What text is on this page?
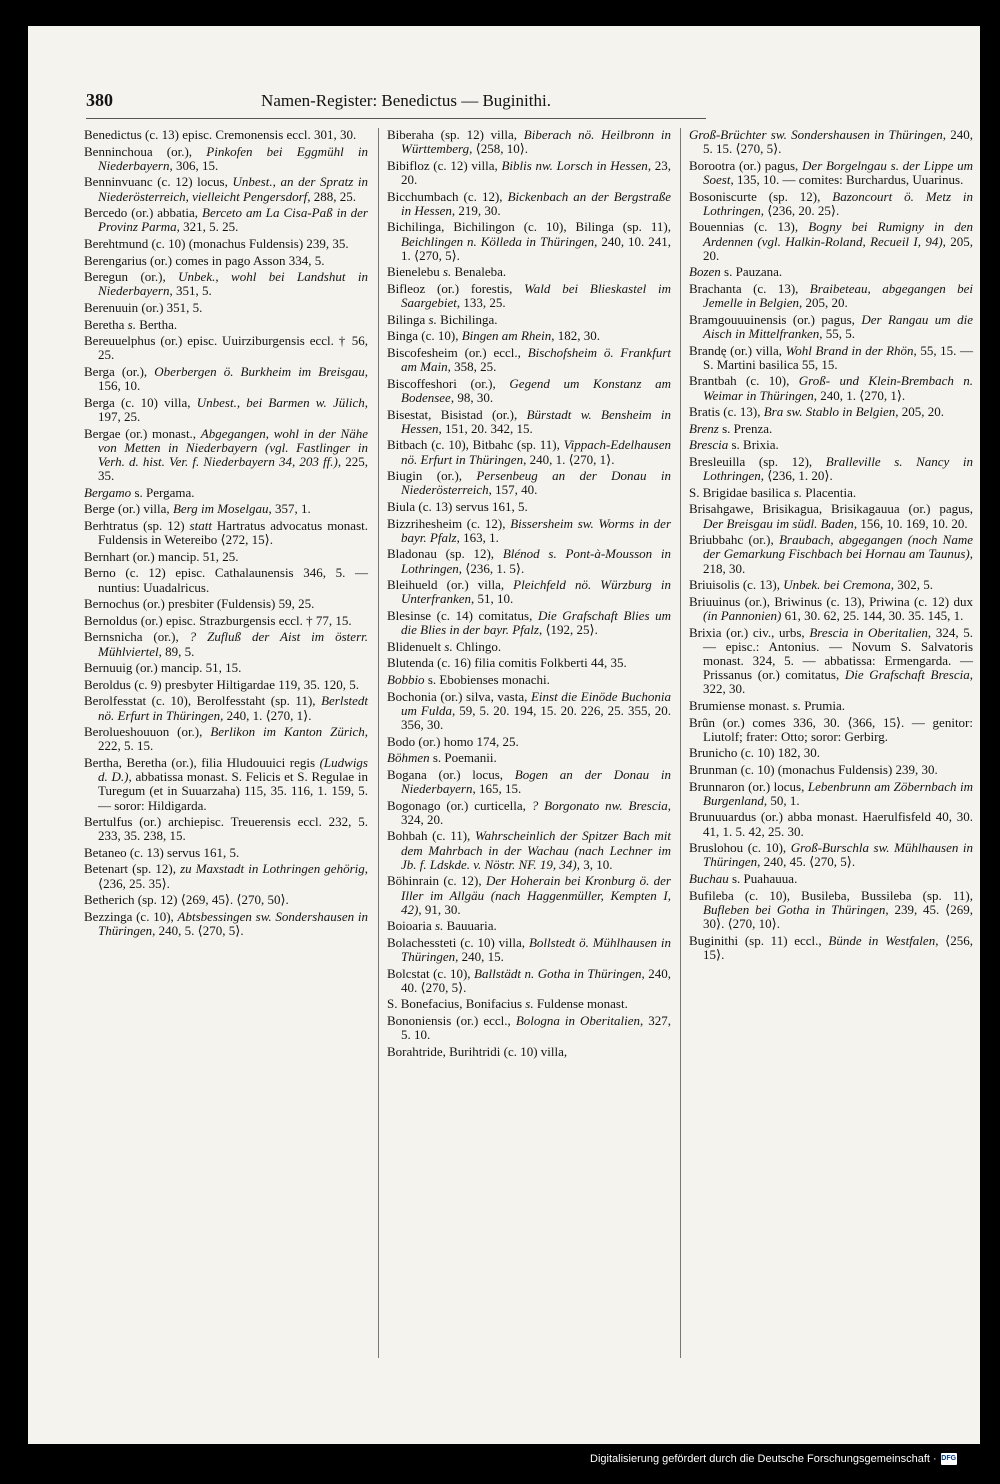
380	Namen-Register: Benedictus — Buginithi.
Benedictus (c. 13) episc. Cremonensis eccl. 301, 30.
Benninchoua (or.), Pinkofen bei Eggmühl in Niederbayern, 306, 15.
Benninvuanc (c. 12) locus, Unbest., an der Spratz in Niederösterreich, vielleicht Pengersdorf, 288, 25.
Bercedo (or.) abbatia, Berceto am La Cisa-Paß in der Provinz Parma, 321, 5. 25.
Berehtmund (c. 10) (monachus Fuldensis) 239, 35.
Berengarius (or.) comes in pago Asson 334, 5.
Beregun (or.), Unbek., wohl bei Landshut in Niederbayern, 351, 5.
Berenuuin (or.) 351, 5.
Beretha s. Bertha.
Bereuuelphus (or.) episc. Uuirziburgensis eccl. † 56, 25.
Berga (or.), Oberbergen ö. Burkheim im Breisgau, 156, 10.
Berga (c. 10) villa, Unbest., bei Barmen w. Jülich, 197, 25.
Bergae (or.) monast., Abgegangen, wohl in der Nähe von Metten in Niederbayern (vgl. Fastlinger in Verh. d. hist. Ver. f. Niederbayern 34, 203 ff.), 225, 35.
Bergamo s. Pergama.
Berge (or.) villa, Berg im Moselgau, 357, 1.
Berhtratus (sp. 12) statt Hartratus advocatus monast. Fuldensis in Wetereibo ⟨272, 15⟩.
Bernhart (or.) mancip. 51, 25.
Berno (c. 12) episc. Cathalaunensis 346, 5. — nuntius: Uuadalricus.
Bernochus (or.) presbiter (Fuldensis) 59, 25.
Bernoldus (or.) episc. Strazburgensis eccl. † 77, 15.
Bernsnicha (or.), ? Zufluß der Aist im österr. Mühlviertel, 89, 5.
Bernuuig (or.) mancip. 51, 15.
Beroldus (c. 9) presbyter Hiltigardae 119, 35. 120, 5.
Berolfesstat (c. 10), Berolfesstaht (sp. 11), Berlstedt nö. Erfurt in Thüringen, 240, 1. ⟨270, 1⟩.
Berolueshouuon (or.), Berlikon im Kanton Zürich, 222, 5. 15.
Bertha, Beretha (or.), filia Hludouuici regis (Ludwigs d. D.), abbatissa monast. S. Felicis et S. Regulae in Turegum (et in Suuarzaha) 115, 35. 116, 1. 159, 5. — soror: Hildigarda.
Bertulfus (or.) archiepisc. Treuerensis eccl. 232, 5. 233, 35. 238, 15.
Betaneo (c. 13) servus 161, 5.
Betenart (sp. 12), zu Maxstadt in Lothringen gehörig, ⟨236, 25. 35⟩.
Betherich (sp. 12) ⟨269, 45⟩. ⟨270, 50⟩.
Bezzinga (c. 10), Abtsbessingen sw. Sondershausen in Thüringen, 240, 5. ⟨270, 5⟩.
Biberaha (sp. 12) villa, Biberach nö. Heilbronn in Württemberg, ⟨258, 10⟩.
Bibifloz (c. 12) villa, Biblis nw. Lorsch in Hessen, 23, 20.
Bicchumbach (c. 12), Bickenbach an der Bergstraße in Hessen, 219, 30.
Bichilinga, Bichilingon (c. 10), Bilinga (sp. 11), Beichlingen n. Kölleda in Thüringen, 240, 10. 241, 1. ⟨270, 5⟩.
Bienelebu s. Benaleba.
Bifleoz (or.) forestis, Wald bei Blieskastel im Saargebiet, 133, 25.
Bilinga s. Bichilinga.
Binga (c. 10), Bingen am Rhein, 182, 30.
Biscofesheim (or.) eccl., Bischofsheim ö. Frankfurt am Main, 358, 25.
Biscoffeshori (or.), Gegend um Konstanz am Bodensee, 98, 30.
Bisestat, Bisistad (or.), Bürstadt w. Bensheim in Hessen, 151, 20. 342, 15.
Bitbach (c. 10), Bitbahc (sp. 11), Vippach-Edelhausen nö. Erfurt in Thüringen, 240, 1. ⟨270, 1⟩.
Biugin (or.), Persenbeug an der Donau in Niederösterreich, 157, 40.
Biula (c. 13) servus 161, 5.
Bizzrihesheim (c. 12), Bissersheim sw. Worms in der bayr. Pfalz, 163, 1.
Bladonau (sp. 12), Blénod s. Pont-à-Mousson in Lothringen, ⟨236, 1. 5⟩.
Bleihueld (or.) villa, Pleichfeld nö. Würzburg in Unterfranken, 51, 10.
Blesinse (c. 14) comitatus, Die Grafschaft Blies um die Blies in der bayr. Pfalz, ⟨192, 25⟩.
Blidenuelt s. Chlingo.
Blutenda (c. 16) filia comitis Folkberti 44, 35.
Bobbio s. Ebobienses monachi.
Bochonia (or.) silva, vasta, Einst die Einöde Buchonia um Fulda, 59, 5. 20. 194, 15. 20. 226, 25. 355, 20. 356, 30.
Bodo (or.) homo 174, 25.
Böhmen s. Poemanii.
Bogana (or.) locus, Bogen an der Donau in Niederbayern, 165, 15.
Bogonago (or.) curticella, ? Borgonato nw. Brescia, 324, 20.
Bohbah (c. 11), Wahrscheinlich der Spitzer Bach mit dem Mahrbach in der Wachau (nach Lechner im Jb. f. Ldskde. v. Nöstr. NF. 19, 34), 3, 10.
Böhinrain (c. 12), Der Hoherain bei Kronburg ö. der Iller im Allgäu (nach Haggenmüller, Kempten I, 42), 91, 30.
Boioaria s. Bauuaria.
Bolachessteti (c. 10) villa, Bollstedt ö. Mühlhausen in Thüringen, 240, 15.
Bolcstat (c. 10), Ballstädt n. Gotha in Thüringen, 240, 40. ⟨270, 5⟩.
S. Bonefacius, Bonifacius s. Fuldense monast.
Bononiensis (or.) eccl., Bologna in Oberitalien, 327, 5. 10.
Borahtride, Burihtridi (c. 10) villa,
Groß-Brüchter sw. Sondershausen in Thüringen, 240, 5. 15. ⟨270, 5⟩.
Borootra (or.) pagus, Der Borgelngau s. der Lippe um Soest, 135, 10. — comites: Burchardus, Uuarinus.
Bosoniscurte (sp. 12), Bazoncourt ö. Metz in Lothringen, ⟨236, 20. 25⟩.
Bouennias (c. 13), Bogny bei Rumigny in den Ardennen (vgl. Halkin-Roland, Recueil I, 94), 205, 20.
Bozen s. Pauzana.
Brachanta (c. 13), Braibeteau, abgegangen bei Jemelle in Belgien, 205, 20.
Bramgouuuinensis (or.) pagus, Der Rangau um die Aisch in Mittelfranken, 55, 5.
Brandę (or.) villa, Wohl Brand in der Rhön, 55, 15. — S. Martini basilica 55, 15.
Brantbah (c. 10), Groß- und Klein-Brembach n. Weimar in Thüringen, 240, 1. ⟨270, 1⟩.
Bratis (c. 13), Bra sw. Stablo in Belgien, 205, 20.
Brenz s. Prenza.
Brescia s. Brixia.
Bresleuilla (sp. 12), Bralleville s. Nancy in Lothringen, ⟨236, 1. 20⟩.
S. Brigidae basilica s. Placentia.
Brisahgawe, Brisikagua, Brisikagauua (or.) pagus, Der Breisgau im südl. Baden, 156, 10. 169, 10. 20.
Briubbahc (or.), Braubach, abgegangen (noch Name der Gemarkung Fischbach bei Hornau am Taunus), 218, 30.
Briuisolis (c. 13), Unbek. bei Cremona, 302, 5.
Briuuinus (or.), Briwinus (c. 13), Priwina (c. 12) dux (in Pannonien) 61, 30. 62, 25. 144, 30. 35. 145, 1.
Brixia (or.) civ., urbs, Brescia in Oberitalien, 324, 5. — episc.: Antonius. — Novum S. Salvatoris monast. 324, 5. — abbatissa: Ermengarda. — Prissanus (or.) comitatus, Die Grafschaft Brescia, 322, 30.
Brumiense monast. s. Prumia.
Brûn (or.) comes 336, 30. ⟨366, 15⟩. — genitor: Liutolf; frater: Otto; soror: Gerbirg.
Brunicho (c. 10) 182, 30.
Brunman (c. 10) (monachus Fuldensis) 239, 30.
Brunnaron (or.) locus, Lebenbrunn am Zöbernbach im Burgenland, 50, 1.
Brunuuardus (or.) abba monast. Haerulfisfeld 40, 30. 41, 1. 5. 42, 25. 30.
Bruslohou (c. 10), Groß-Burschla sw. Mühlhausen in Thüringen, 240, 45. ⟨270, 5⟩.
Buchau s. Puahauua.
Bufileba (c. 10), Busileba, Bussileba (sp. 11), Bufleben bei Gotha in Thüringen, 239, 45. ⟨269, 30⟩. ⟨270, 10⟩.
Buginithi (sp. 11) eccl., Bünde in Westfalen, ⟨256, 15⟩.
Digitalisierung gefördert durch die Deutsche Forschungsgemeinschaft · DFG
